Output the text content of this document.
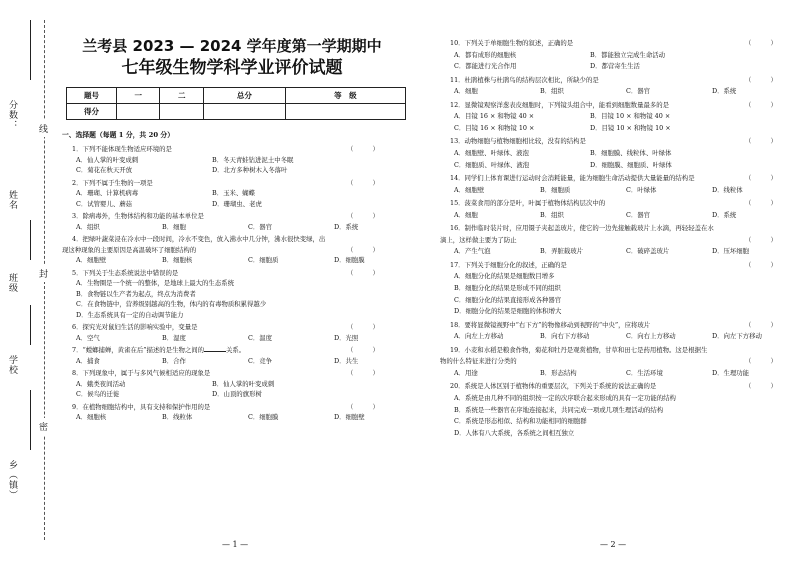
分数：
姓名
班级
学校
乡（镇）
线
封
密
兰考县 2023 — 2024 学年度第一学期期中
七年级生物学科学业评价试题
题号	一	二	总分	等　级
得分				
一、选择题（每题 1 分，共 20 分）
1．下列不能体现生物适应环境的是	（　　　）
A．仙人掌的叶变成刺	B．冬天青蛙钻进泥土中冬眠
C．菊花在秋天开放	D．北方多种树木入冬落叶
2．下列不属于生物的一项是	（　　　）
A．珊瑚、计算机病毒	B．玉米、蝴蝶
C．试管婴儿、蘑菇	D．珊瑚虫、老虎
3．除病毒外，生物体结构和功能的基本单位是	（　　　）
A．组织	B．细胞	C．器官	D．系统
4．把绿叶蔬菜浸在冷水中一段时间，冷水不变色，放入沸水中几分钟，沸水很快变绿，出
现这种现象的主要原因是高温破坏了细胞结构的	（　　　）
A．细胞壁	B．细胞核	C．细胞质	D．细胞膜
5．下列关于生态系统说法中错误的是	（　　　）
A．生物圈是一个统一的整体，是地球上最大的生态系统
B．食物链以生产者为起点，终点为消费者
C．在食物链中，营养级别越高的生物，体内的有毒物质积累得越少
D．生态系统具有一定的自动调节能力
6．探究光对鼠妇生活的影响实验中，变量是	（　　　）
A．空气	B．湿度	C．温度	D．光照
7．“螳螂捕蝉，黄雀在后”描述的是生物之间的	关系。	（　　　）
A．捕食	B．合作	C．竞争	D．共生
8．下列现象中，属于与多风气候相适应的现象是	（　　　）
A．蛾类夜间活动	B．仙人掌的叶变成刺
C．候鸟的迁徙	D．山顶的旗形树
9．在植物细胞结构中，具有支持和保护作用的是	（　　　）
A．细胞核	B．线粒体	C．细胞膜	D．细胞壁
— 1 —
10．下列关于单细胞生物的叙述，正确的是	（　　　）
A．都有成形的细胞核	B．都能独立完成生命活动
C．都能进行光合作用	D．都营寄生生活
11．杜鹃植株与杜鹃鸟的结构层次相比，所缺少的是	（　　　）
A．细胞	B．组织	C．器官	D．系统
12．显微镜观察洋葱表皮细胞时，下列镜头组合中，能看到细胞数量最多的是	（　　　）
A．目镜 16 × 和物镜 40 ×	B．目镜 10 × 和物镜 40 ×
C．目镜 16 × 和物镜 10 ×	D．目镜 10 × 和物镜 10 ×
13．动物细胞与植物细胞相比较，没有的结构是	（　　　）
A．细胞壁、叶绿体、液泡	B．细胞膜、线粒体、叶绿体
C．细胞质、叶绿体、液泡	D．细胞膜、细胞质、叶绿体
14．同学们上体育课进行运动时会消耗能量，能为细胞生命活动提供大量能量的结构是	（　　　）
A．细胞壁	B．细胞质	C．叶绿体	D．线粒体
15．菠菜食用的部分是叶，叶属于植物体结构层次中的	（　　　）
A．细胞	B．组织	C．器官	D．系统
16．制作临时装片时，应用镊子夹起盖玻片，使它的一边先接触载玻片上水滴，再轻轻盖在水
滴上，这样做主要为了防止	（　　　）
A．产生气泡	B．弄脏载玻片	C．破碎盖玻片	D．压坏细胞
17．下列关于细胞分化的叙述，正确的是	（　　　）
A．细胞分化的结果是细胞数目增多
B．细胞分化的结果是形成不同的组织
C．细胞分化的结果直接形成各种器官
D．细胞分化的结果是细胞的体积增大
18．要将显微镜视野中“右下方”的物像移动到视野的“中央”，应将玻片	（　　　）
A．向左上方移动	B．向右下方移动	C．向右上方移动	D．向左下方移动
19．小麦和水稻是粮食作物，菊花和牡丹是观赏植物，甘草和田七是药用植物。这是根据生
物的什么特征来进行分类的	（　　　）
A．用途	B．形态结构	C．生活环境	D．生理功能
20．系统是人体区别于植物体的重要层次，下列关于系统的说法正确的是	（　　　）
A．系统是由几种不同的组织按一定的次序联合起来形成的具有一定功能的结构
B．系统是一些器官在序地连接起来，共同完成一项或几项生理活动的结构
C．系统是形态相似、结构和功能相同的细胞群
D．人体有八大系统，各系统之间相互独立
— 2 —
